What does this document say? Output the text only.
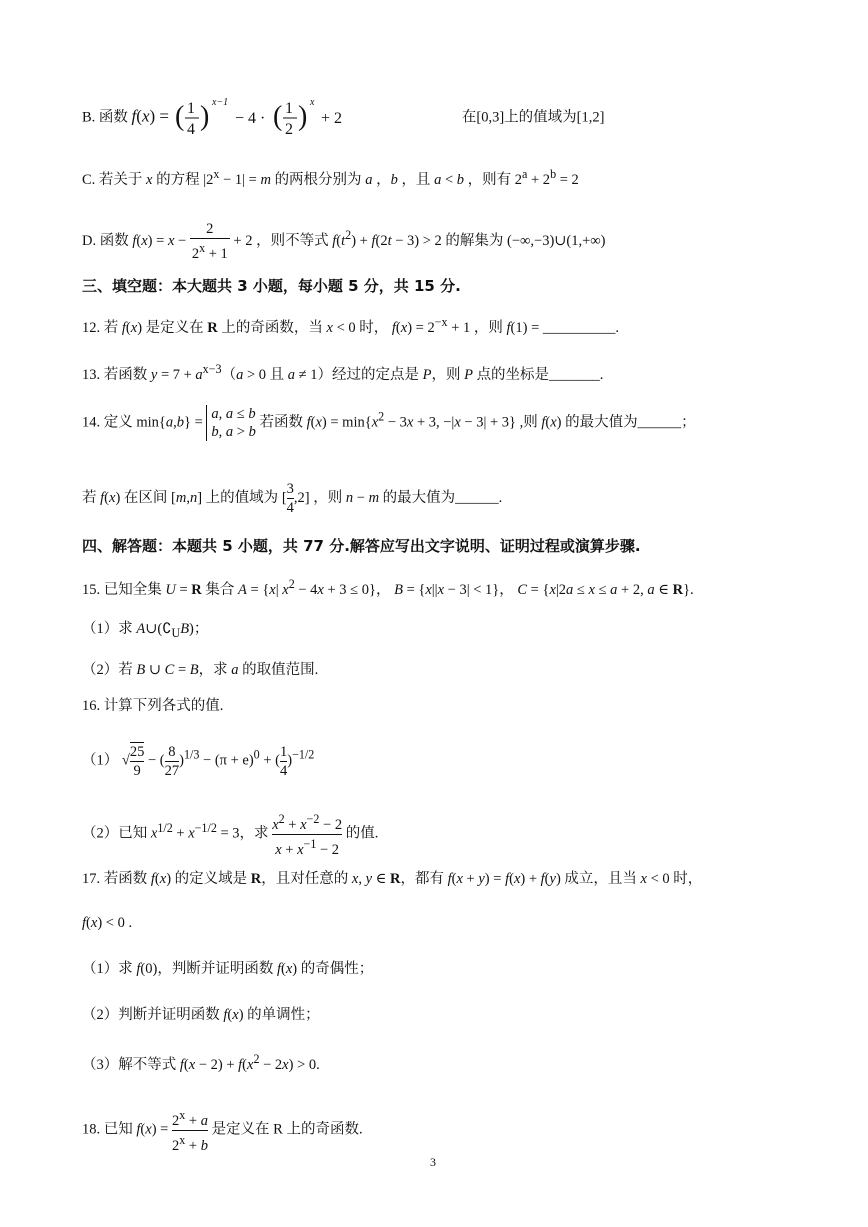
B. 函数 f(x) = ( 1
4 ) x−1
− 4 · ( 1
2 ) x
+ 2	在[0,3]上的值域为[1,2]
C. 若关于 x 的方程 $|2^x - 1| = m$ 的两根分别为 a ，b ，且 a < b ，则有 $2^a + 2^b = 2$
D. 函数 $f(x) = x - \frac{2}{2^x + 1} + 2$ ，则不等式 $f(t^2) + f(2t - 3) > 2$ 的解集为 (−∞,−3)∪(1,+∞)
三、填空题：本大题共 3 小题，每小题 5 分，共 15 分.
12. 若 f(x) 是定义在 R 上的奇函数，当 x < 0 时， $f(x) = 2^{-x} + 1$ ，则 f(1) = __________.
13. 若函数 $y = 7 + a^{x-3}(a > 0$ 且 a ≠ 1）经过的定点是 P，则 P 点的坐标是_______.
14. 定义 min{a,b} =
a, a ≤ b
b, a > b
若函数 $f(x) = \min\{x^2 - 3x + 3$, −|x − 3| + 3} ,则 f(x) 的最大值为______；
若 f(x) 在区间 [m,n] 上的值域为 [ $\frac{3}{4} ,2$] ，则 n − m 的最大值为______.
四、解答题：本题共 5 小题，共 77 分.解答应写出文字说明、证明过程或演算步骤.
15. 已知全集 U = R 集合 A = {x| $x^2 - 4x + 3 \le 0$}， B = {x||x − 3| < 1}， C = {x|2a ≤ x ≤ a + 2, a ∈ R}.
（1）求 $A\cup(∁_UB)$；
（2）若 B ∪ C = B，求 a 的取值范围.
16. 计算下列各式的值.
（1） √ $\frac{25}{9}$ − ( $\frac{8}{27} )^{1/3} - (\pi + e)^0$ + ( $\frac{1}{4} )^{-1/2}$
（2）已知 $x^{1/2} + x^{-1/2} = 3$，求 $\frac{x^2 + x^{-2} - 2}{x + x^{-1} - 2}$ 的值.
17. 若函数 f(x) 的定义域是 R，且对任意的 x, y ∈ R，都有 f(x + y) = f(x) + f(y) 成立，且当 x < 0 时，
f(x) < 0 .
（1）求 f(0)，判断并证明函数 f(x) 的奇偶性；
（2）判断并证明函数 f(x) 的单调性；
（3）解不等式 $f(x - 2) + f(x^2 - 2x) > 0$.
18. 已知 $f(x) = \frac{2^x + a}{2^x + b}$ 是定义在 R 上的奇函数.
3
